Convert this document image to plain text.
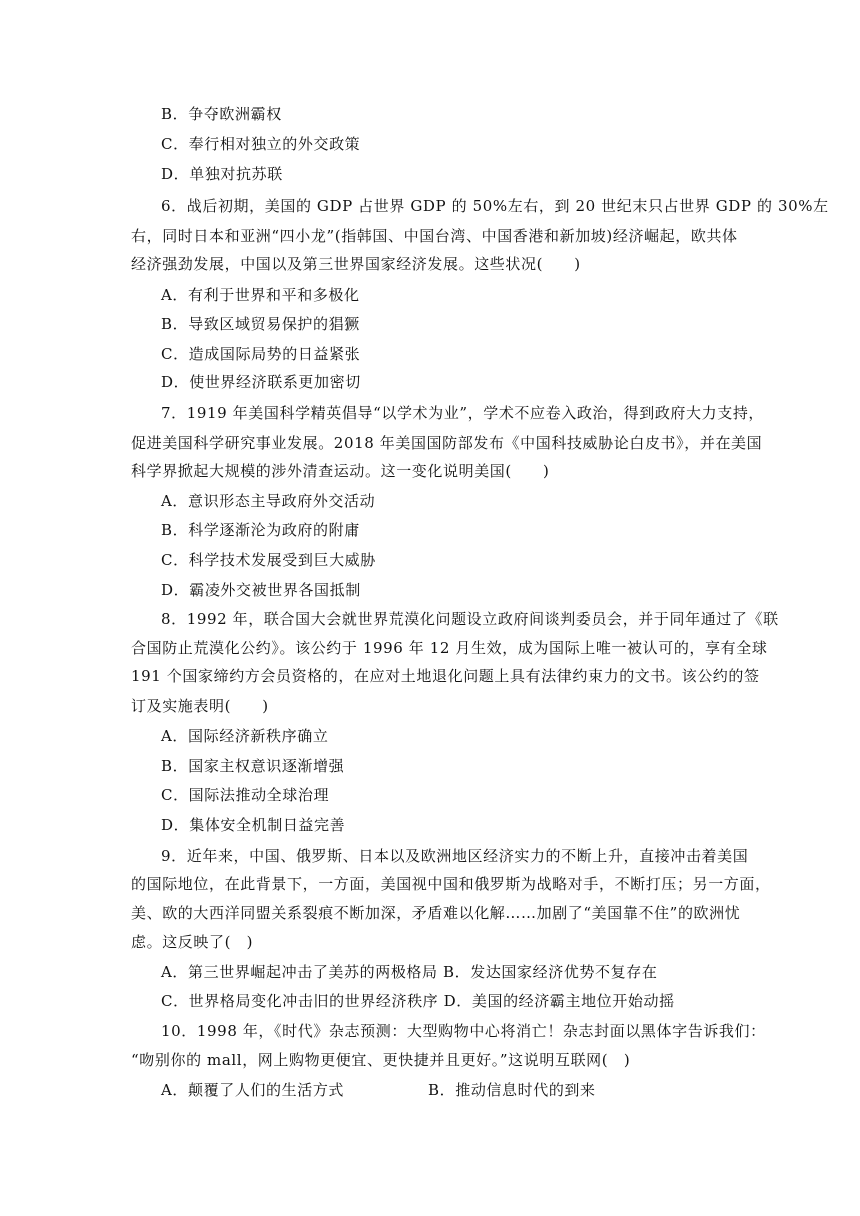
B．争夺欧洲霸权
C．奉行相对独立的外交政策
D．单独对抗苏联
6．战后初期，美国的 GDP 占世界 GDP 的 50%左右，到 20 世纪末只占世界 GDP 的 30%左
右，同时日本和亚洲“四小龙”(指韩国、中国台湾、中国香港和新加坡)经济崛起，欧共体
经济强劲发展，中国以及第三世界国家经济发展。这些状况(　　)
A．有利于世界和平和多极化
B．导致区域贸易保护的猖獗
C．造成国际局势的日益紧张
D．使世界经济联系更加密切
7．1919 年美国科学精英倡导“以学术为业”，学术不应卷入政治，得到政府大力支持，
促进美国科学研究事业发展。2018 年美国国防部发布《中国科技威胁论白皮书》，并在美国
科学界掀起大规模的涉外清查运动。这一变化说明美国(　　)
A．意识形态主导政府外交活动
B．科学逐渐沦为政府的附庸
C．科学技术发展受到巨大威胁
D．霸凌外交被世界各国抵制
8．1992 年，联合国大会就世界荒漠化问题设立政府间谈判委员会，并于同年通过了《联
合国防止荒漠化公约》。该公约于 1996 年 12 月生效，成为国际上唯一被认可的，享有全球
191 个国家缔约方会员资格的，在应对土地退化问题上具有法律约束力的文书。该公约的签
订及实施表明(　　)
A．国际经济新秩序确立
B．国家主权意识逐渐增强
C．国际法推动全球治理
D．集体安全机制日益完善
9．近年来，中国、俄罗斯、日本以及欧洲地区经济实力的不断上升，直接冲击着美国
的国际地位，在此背景下，一方面，美国视中国和俄罗斯为战略对手，不断打压；另一方面，
美、欧的大西洋同盟关系裂痕不断加深，矛盾难以化解……加剧了“美国靠不住”的欧洲忧
虑。这反映了(　)
A．第三世界崛起冲击了美苏的两极格局 B．发达国家经济优势不复存在
C．世界格局变化冲击旧的世界经济秩序 D．美国的经济霸主地位开始动摇
10．1998 年，《时代》杂志预测：大型购物中心将消亡！杂志封面以黑体字告诉我们：
“吻别你的 mall，网上购物更便宜、更快捷并且更好。”这说明互联网(　)
A．颠覆了人们的生活方式	B．推动信息时代的到来
